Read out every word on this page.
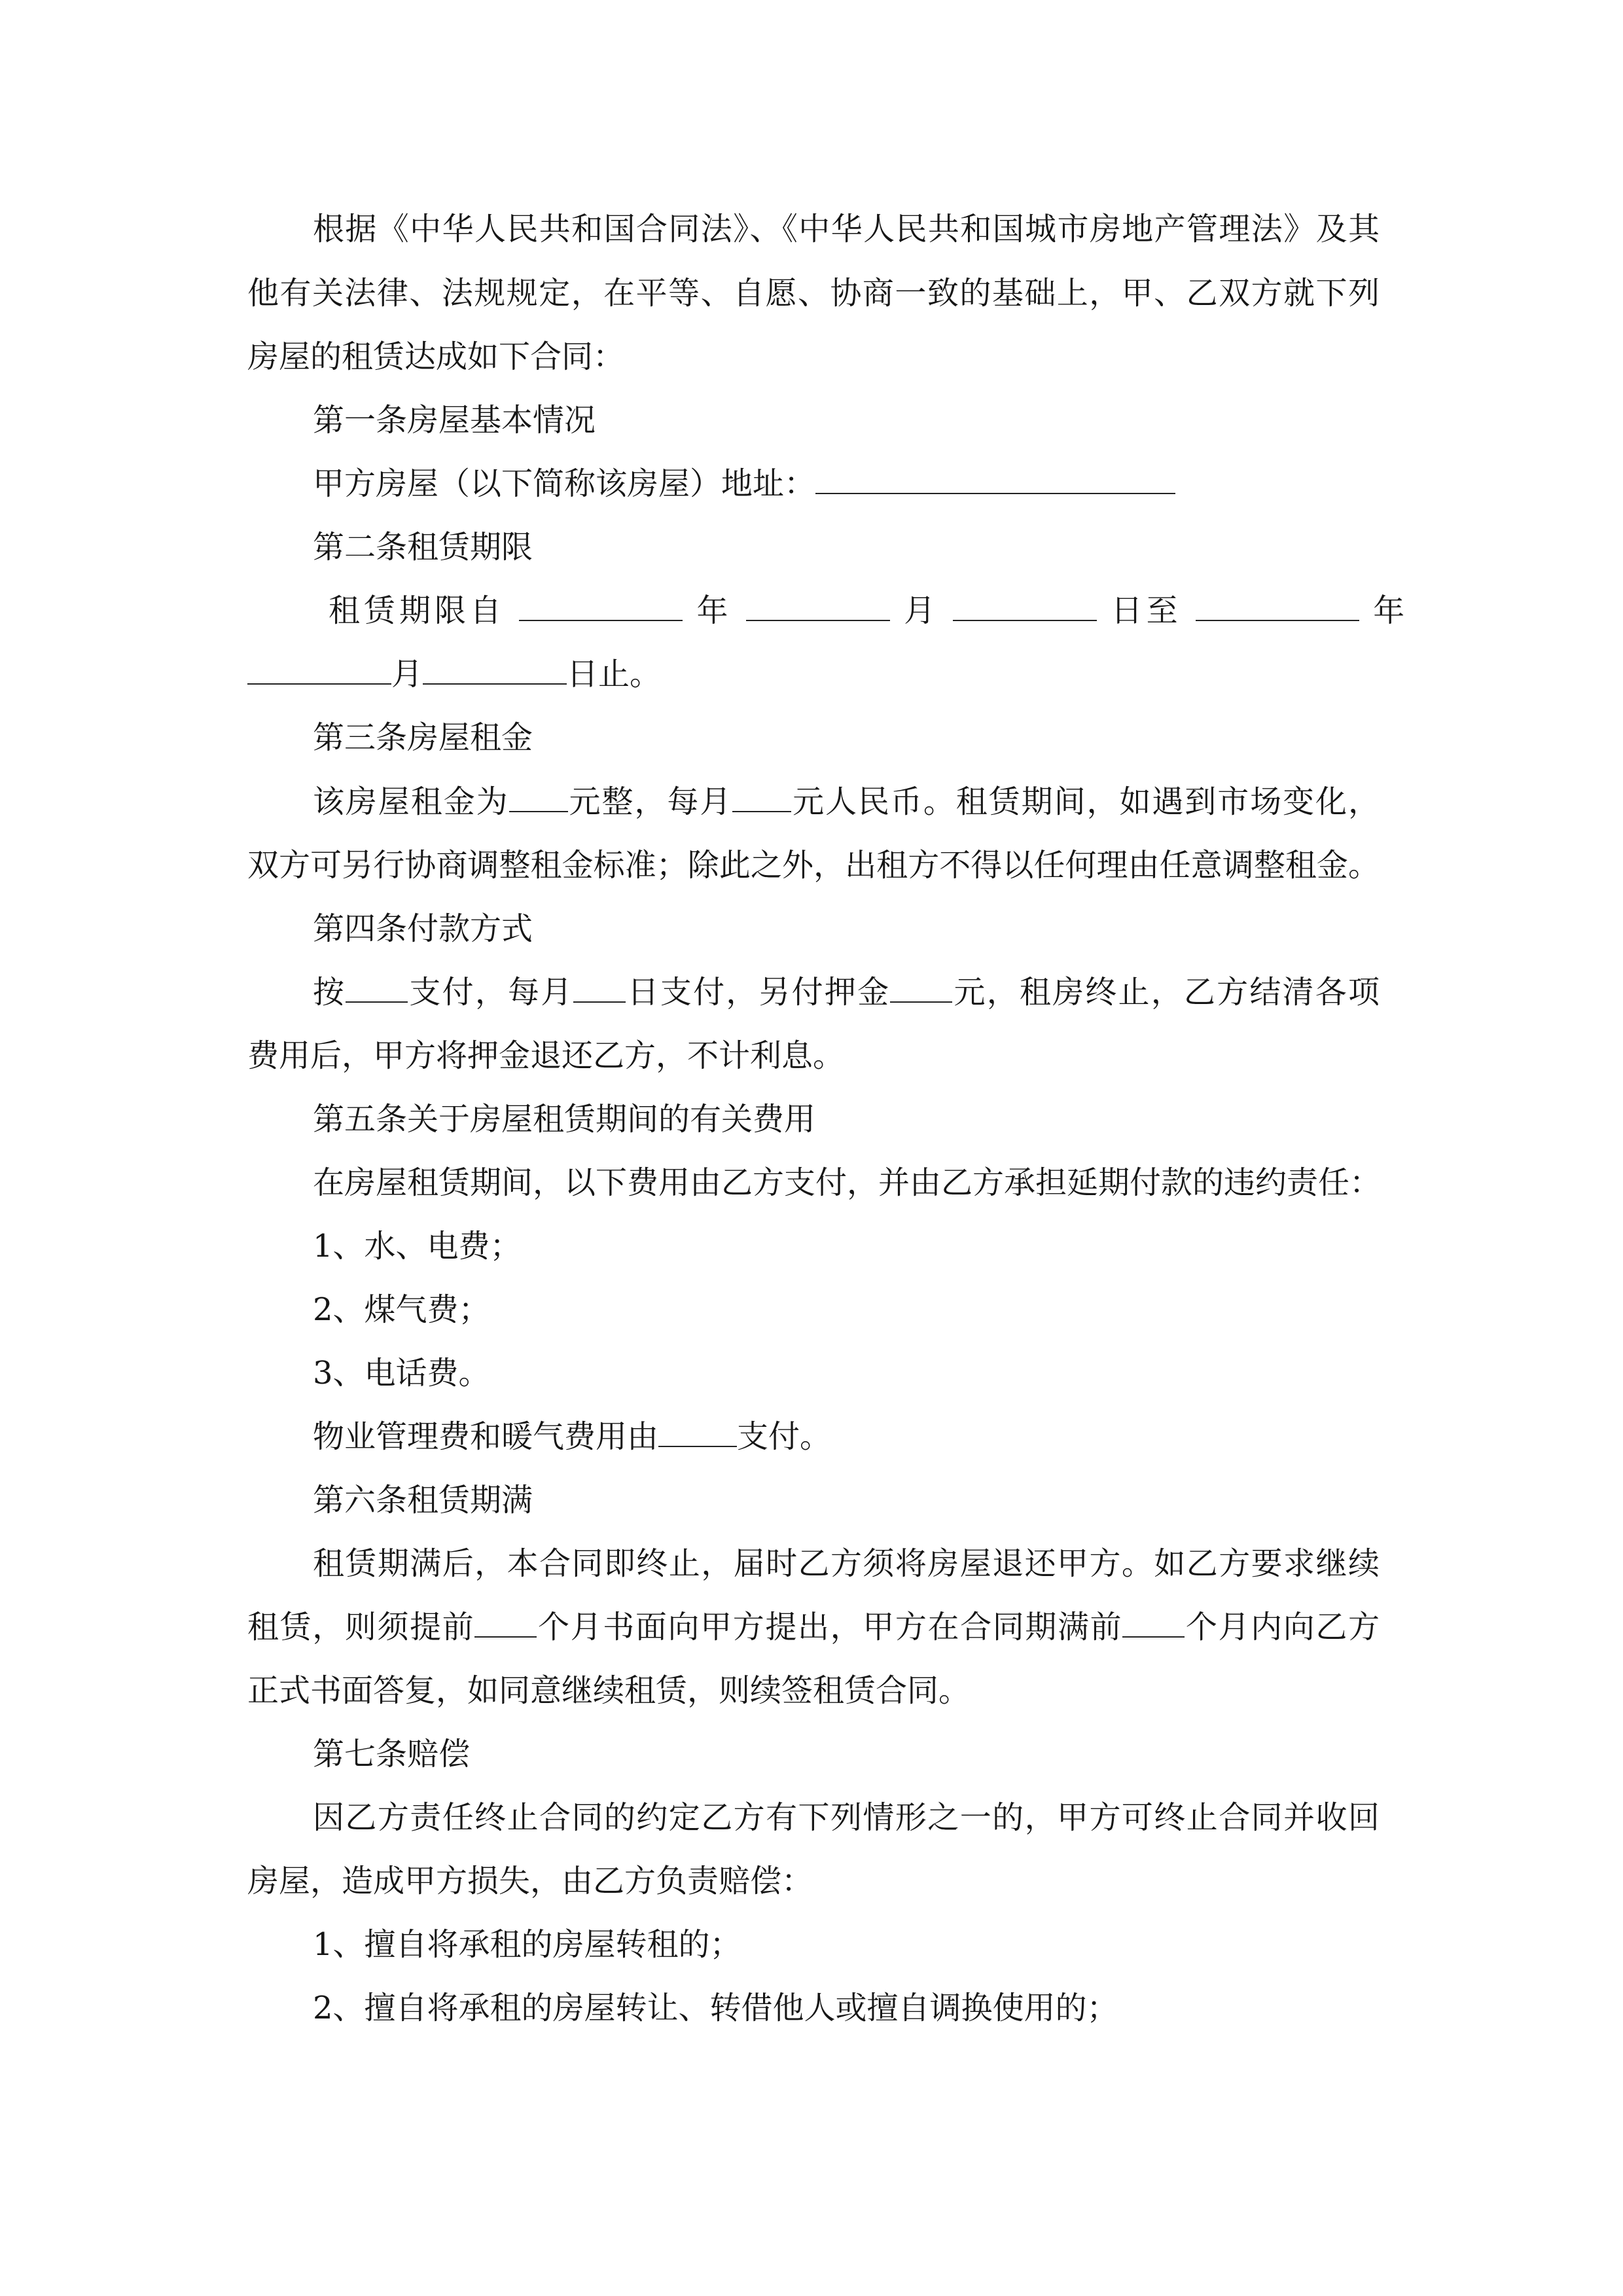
根据《中华人民共和国合同法》、《中华人民共和国城市房地产管理法》及其
他有关法律、法规规定，在平等、自愿、协商一致的基础上，甲、乙双方就下列
房屋的租赁达成如下合同：
第一条房屋基本情况
甲方房屋（以下简称该房屋）地址：
第二条租赁期限
租赁期限自	年	月	日至	年
月	日止。
第三条房屋租金
该房屋租金为 元整，每月 元人民币。租赁期间，如遇到市场变化，
双方可另行协商调整租金标准；除此之外，出租方不得以任何理由任意调整租金。
第四条付款方式
按 支付，每月 日支付，另付押金 元，租房终止，乙方结清各项
费用后，甲方将押金退还乙方，不计利息。
第五条关于房屋租赁期间的有关费用
在房屋租赁期间，以下费用由乙方支付，并由乙方承担延期付款的违约责任：
1、水、电费；
2、煤气费；
3、电话费。
物业管理费和暖气费用由	支付。
第六条租赁期满
租赁期满后，本合同即终止，届时乙方须将房屋退还甲方。如乙方要求继续
租赁，则须提前 个月书面向甲方提出，甲方在合同期满前 个月内向乙方
正式书面答复，如同意继续租赁，则续签租赁合同。
第七条赔偿
因乙方责任终止合同的约定乙方有下列情形之一的，甲方可终止合同并收回
房屋，造成甲方损失，由乙方负责赔偿：
1、擅自将承租的房屋转租的；
2、擅自将承租的房屋转让、转借他人或擅自调换使用的；
